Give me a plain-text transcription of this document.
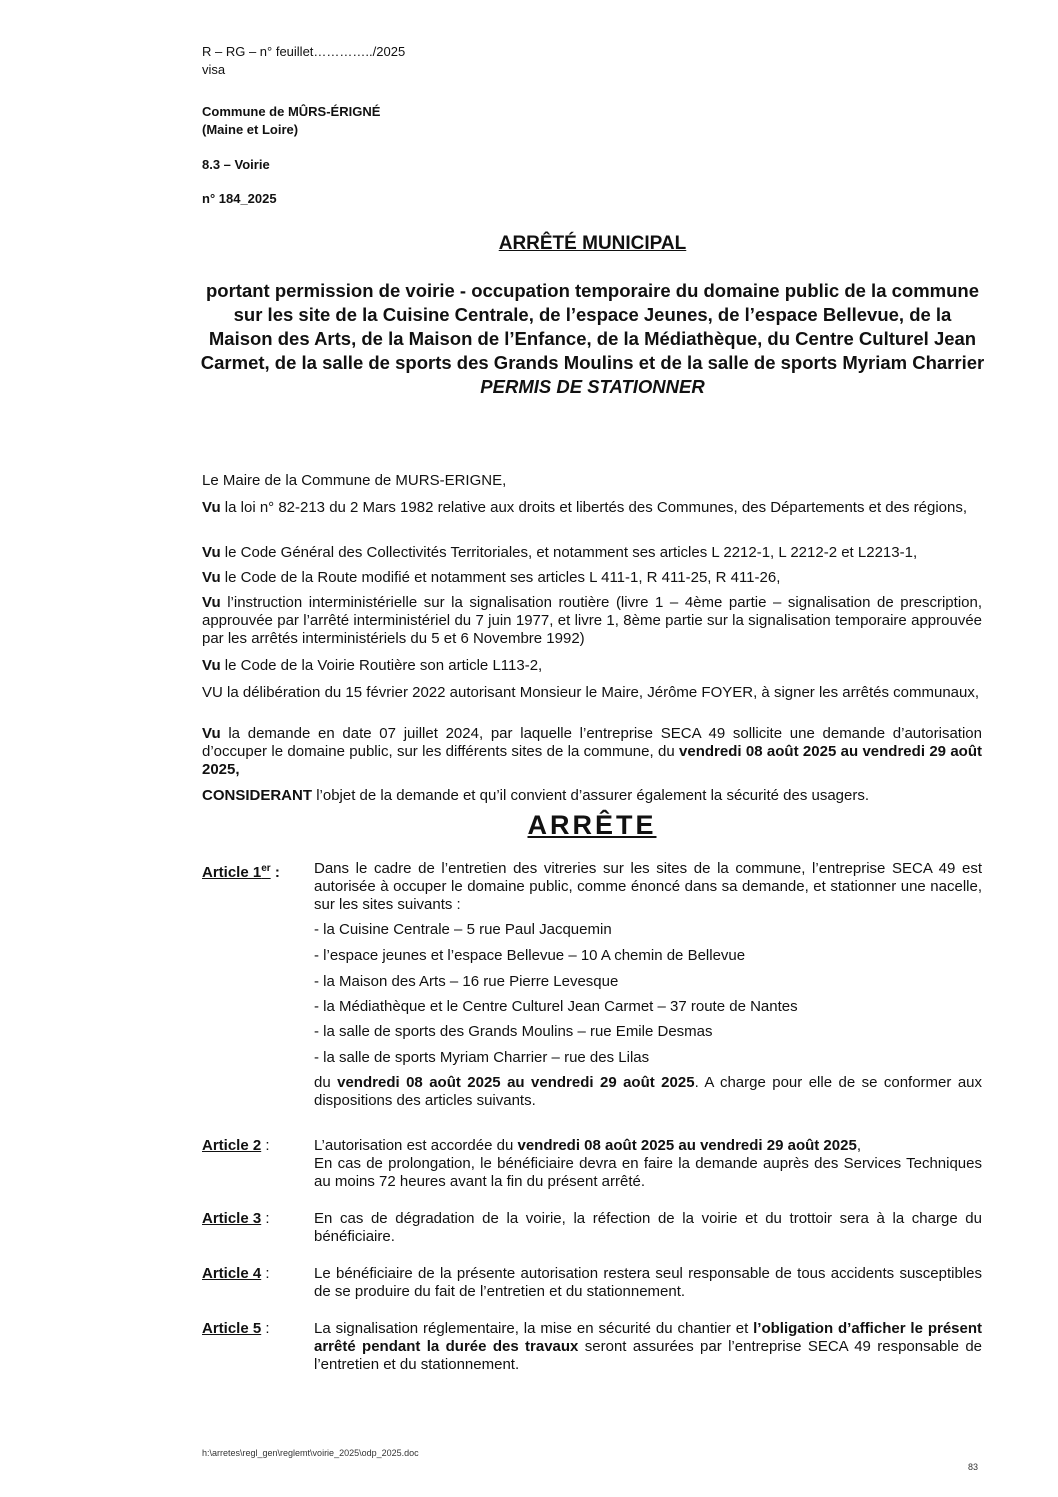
R – RG – n° feuillet…………../2025
visa
Commune de MÛRS-ÉRIGNÉ
(Maine et Loire)
8.3 – Voirie
n° 184_2025
ARRÊTÉ MUNICIPAL
portant permission de voirie - occupation temporaire du domaine public de la commune sur les site de la Cuisine Centrale, de l’espace Jeunes, de l’espace Bellevue, de la Maison des Arts, de la Maison de l’Enfance, de la Médiathèque, du Centre Culturel Jean Carmet, de la salle de sports des Grands Moulins et de la salle de sports Myriam Charrier
PERMIS DE STATIONNER
Le Maire de la Commune de MURS-ERIGNE,
Vu la loi n° 82-213 du 2 Mars 1982 relative aux droits et libertés des Communes, des Départements et des régions,
Vu le Code Général des Collectivités Territoriales, et notamment ses articles L 2212-1, L 2212-2 et L2213-1,
Vu le Code de la Route modifié et notamment ses articles L 411-1, R 411-25, R 411-26,
Vu l’instruction interministérielle sur la signalisation routière (livre 1 – 4ème partie – signalisation de prescription, approuvée par l’arrêté interministériel du 7 juin 1977, et livre 1, 8ème partie sur la signalisation temporaire approuvée par les arrêtés interministériels du 5 et 6 Novembre 1992)
Vu le Code de la Voirie Routière son article L113-2,
VU la délibération du 15 février 2022 autorisant Monsieur le Maire, Jérôme FOYER, à signer les arrêtés communaux,
Vu la demande en date 07 juillet 2024, par laquelle l’entreprise SECA 49 sollicite une demande d’autorisation d’occuper le domaine public, sur les différents sites de la commune, du vendredi 08 août 2025 au vendredi 29 août 2025,
CONSIDERANT l’objet de la demande et qu’il convient d’assurer également la sécurité des usagers.
ARRÊTE
Article 1er : Dans le cadre de l’entretien des vitreries sur les sites de la commune, l’entreprise SECA 49 est autorisée à occuper le domaine public, comme énoncé dans sa demande, et stationner une nacelle, sur les sites suivants :
- la Cuisine Centrale – 5 rue Paul Jacquemin
- l’espace jeunes et l’espace Bellevue – 10 A chemin de Bellevue
- la Maison des Arts – 16 rue Pierre Levesque
- la Médiathèque et le Centre Culturel Jean Carmet – 37 route de Nantes
- la salle de sports des Grands Moulins – rue Emile Desmas
- la salle de sports Myriam Charrier – rue des Lilas
du vendredi 08 août 2025 au vendredi 29 août 2025. A charge pour elle de se conformer aux dispositions des articles suivants.
Article 2 :	L’autorisation est accordée du vendredi 08 août 2025 au vendredi 29 août 2025,
En cas de prolongation, le bénéficiaire devra en faire la demande auprès des Services Techniques au moins 72 heures avant la fin du présent arrêté.
Article 3 :	En cas de dégradation de la voirie, la réfection de la voirie et du trottoir sera à la charge du bénéficiaire.
Article 4 :	Le bénéficiaire de la présente autorisation restera seul responsable de tous accidents susceptibles de se produire du fait de l’entretien et du stationnement.
Article 5 :	La signalisation réglementaire, la mise en sécurité du chantier et l’obligation d’afficher le présent arrêté pendant la durée des travaux seront assurées par l’entreprise SECA 49 responsable de l’entretien et du stationnement.
h:\arretes\regl_gen\reglemt\voirie_2025\odp_2025.doc
83
